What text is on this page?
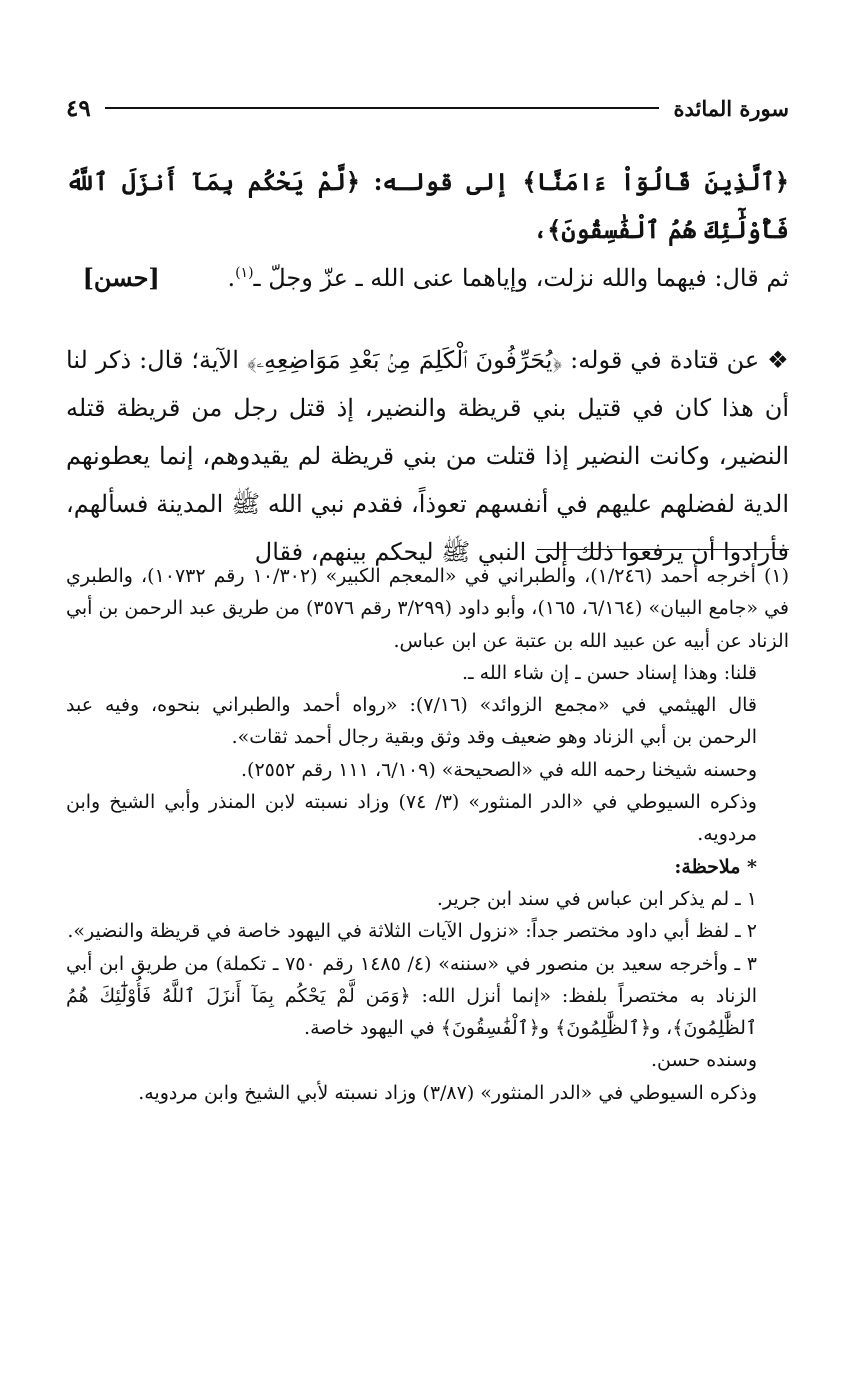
سورة المائدة
٤٩

﴿ٱلَّذِينَ قَالُوٓاْ ءَامَنَّا﴾ إلى قولـه: ﴿لَّمْ يَحْكُم بِمَآ أَنزَلَ ٱللَّهُ فَأُوْلَٰٓئِكَ هُمُ ٱلْفَٰسِقُونَ﴾،
ثم قال: فيهما والله نزلت، وإياهما عنى الله ـ عزّ وجلّ ـ$^{(١)}$. [حسن]

❖ عن قتادة في قوله: ﴿يُحَرِّفُونَ ٱلْكَلِمَ مِنۢ بَعْدِ مَوَاضِعِهِۦ﴾ الآية؛ قال: ذكر لنا أن هذا كان في قتيل بني قريظة والنضير، إذ قتل رجل من قريظة قتله النضير، وكانت النضير إذا قتلت من بني قريظة لم يقيدوهم، إنما يعطونهم الدية لفضلهم عليهم في أنفسهم تعوذاً، فقدم نبي الله ﷺ المدينة فسألهم، فأرادوا أن يرفعوا ذلك إلى النبي ﷺ ليحكم بينهم، فقال

(١) أخرجه أحمد (١/٢٤٦)، والطبراني في «المعجم الكبير» (١٠/٣٠٢ رقم ١٠٧٣٢)، والطبري في «جامع البيان» (٦/١٦٤، ١٦٥)، وأبو داود (٣/٢٩٩ رقم ٣٥٧٦) من طريق عبد الرحمن بن أبي الزناد عن أبيه عن عبيد الله بن عتبة عن ابن عباس.

قلنا: وهذا إسناد حسن ـ إن شاء الله ـ.

قال الهيثمي في «مجمع الزوائد» (٧/١٦): «رواه أحمد والطبراني بنحوه، وفيه عبد الرحمن بن أبي الزناد وهو ضعيف وقد وثق وبقية رجال أحمد ثقات».

وحسنه شيخنا رحمه الله في «الصحيحة» (٦/١٠٩، ١١١ رقم ٢٥٥٢).

وذكره السيوطي في «الدر المنثور» (٣/ ٧٤) وزاد نسبته لابن المنذر وأبي الشيخ وابن مردويه.

* ملاحظة:

١ ـ لم يذكر ابن عباس في سند ابن جرير.

٢ ـ لفظ أبي داود مختصر جداً: «نزول الآيات الثلاثة في اليهود خاصة في قريظة والنضير».

٣ ـ وأخرجه سعيد بن منصور في «سننه» (٤/ ١٤٨٥ رقم ٧٥٠ ـ تكملة) من طريق ابن أبي الزناد به مختصراً بلفظ: «إنما أنزل الله: ﴿وَمَن لَّمْ يَحْكُم بِمَآ أَنزَلَ ٱللَّهُ فَأُوْلَٰٓئِكَ هُمُ ٱلظَّٰلِمُونَ﴾، و﴿ٱلظَّٰلِمُونَ﴾ و﴿ٱلْفَٰسِقُونَ﴾ في اليهود خاصة.

وسنده حسن.

وذكره السيوطي في «الدر المنثور» (٣/٨٧) وزاد نسبته لأبي الشيخ وابن مردويه.
